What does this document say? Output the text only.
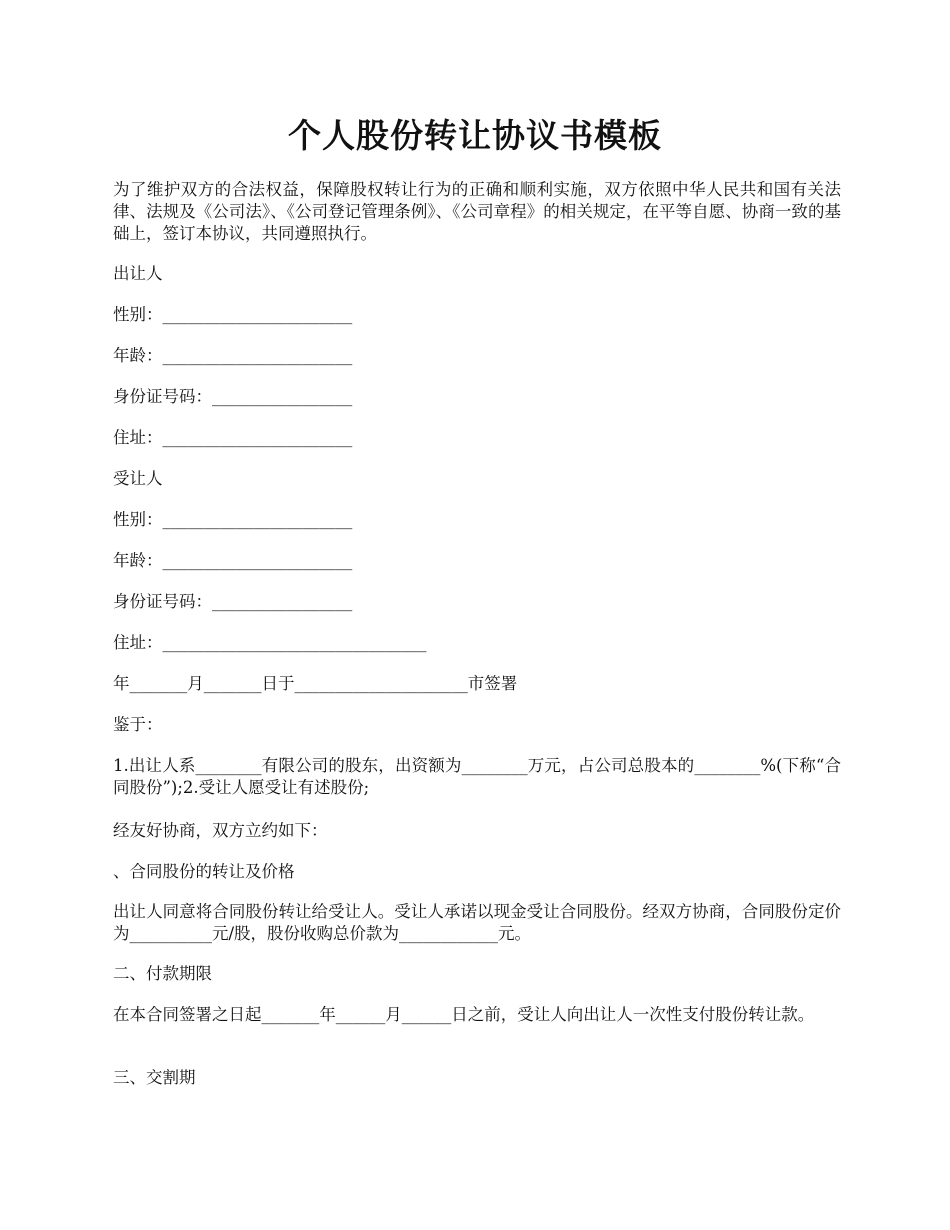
个人股份转让协议书模板

为了维护双方的合法权益，保障股权转让行为的正确和顺利实施，双方依照中华人民共和国有关法律、法规及《公司法》、《公司登记管理条例》、《公司章程》的相关规定，在平等自愿、协商一致的基础上，签订本协议，共同遵照执行。

出让人

性别：_______________________

年龄：_______________________

身份证号码：_________________

住址：_______________________

受让人

性别：_______________________

年龄：_______________________

身份证号码：_________________

住址：________________________________

年_______月_______日于_____________________市签署

鉴于：

1.出让人系________有限公司的股东，出资额为________万元，占公司总股本的________%(下称“合同股份”);2.受让人愿受让有述股份;

经友好协商，双方立约如下：

、合同股份的转让及价格

出让人同意将合同股份转让给受让人。受让人承诺以现金受让合同股份。经双方协商，合同股份定价为__________元/股，股份收购总价款为____________元。

二、付款期限

在本合同签署之日起_______年______月______日之前，受让人向出让人一次性支付股份转让款。

三、交割期
